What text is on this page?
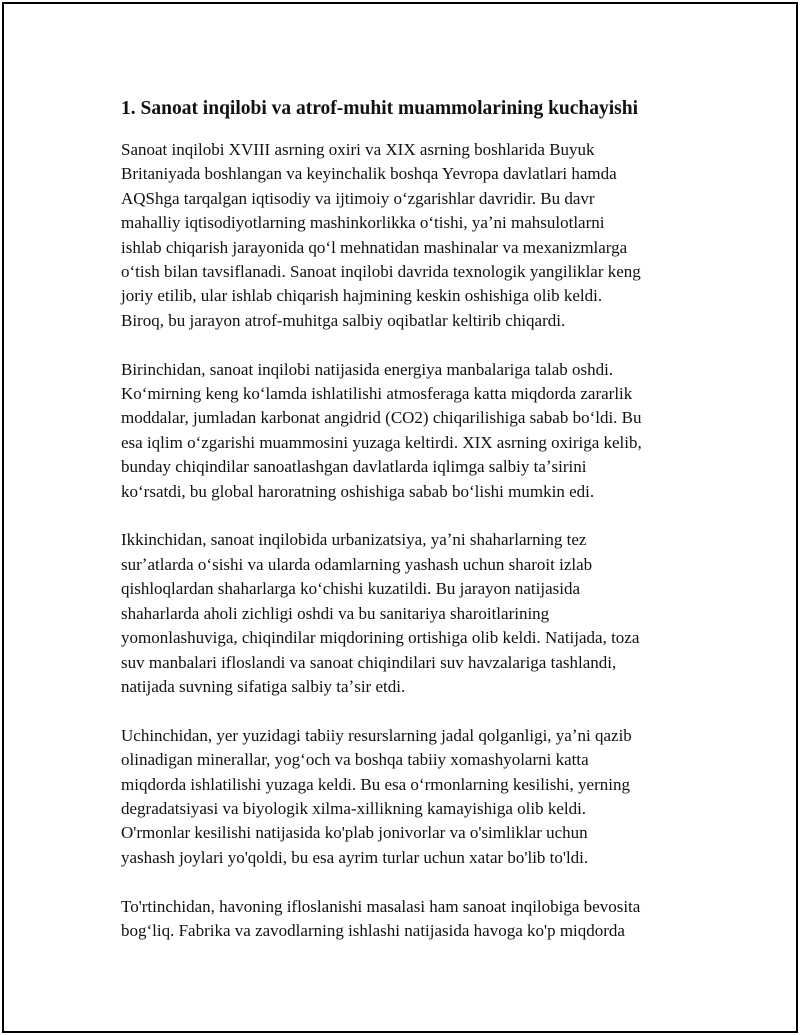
1. Sanoat inqilobi va atrof-muhit muammolarining kuchayishi

Sanoat inqilobi XVIII asrning oxiri va XIX asrning boshlarida Buyuk
Britaniyada boshlangan va keyinchalik boshqa Yevropa davlatlari hamda
AQShga tarqalgan iqtisodiy va ijtimoiy oʻzgarishlar davridir. Bu davr
mahalliy iqtisodiyotlarning mashinkorlikka oʻtishi, yaʼni mahsulotlarni
ishlab chiqarish jarayonida qoʻl mehnatidan mashinalar va mexanizmlarga
oʻtish bilan tavsiflanadi. Sanoat inqilobi davrida texnologik yangiliklar keng
joriy etilib, ular ishlab chiqarish hajmining keskin oshishiga olib keldi.
Biroq, bu jarayon atrof-muhitga salbiy oqibatlar keltirib chiqardi.

Birinchidan, sanoat inqilobi natijasida energiya manbalariga talab oshdi.
Koʻmirning keng koʻlamda ishlatilishi atmosferaga katta miqdorda zararlik
moddalar, jumladan karbonat angidrid (CO2) chiqarilishiga sabab boʻldi. Bu
esa iqlim oʻzgarishi muammosini yuzaga keltirdi. XIX asrning oxiriga kelib,
bunday chiqindilar sanoatlashgan davlatlarda iqlimga salbiy taʼsirini
koʻrsatdi, bu global haroratning oshishiga sabab boʻlishi mumkin edi.

Ikkinchidan, sanoat inqilobida urbanizatsiya, yaʼni shaharlarning tez
surʼatlarda oʻsishi va ularda odamlarning yashash uchun sharoit izlab
qishloqlardan shaharlarga koʻchishi kuzatildi. Bu jarayon natijasida
shaharlarda aholi zichligi oshdi va bu sanitariya sharoitlarining
yomonlashuviga, chiqindilar miqdorining ortishiga olib keldi. Natijada, toza
suv manbalari ifloslandi va sanoat chiqindilari suv havzalariga tashlandi,
natijada suvning sifatiga salbiy taʼsir etdi.

Uchinchidan, yer yuzidagi tabiiy resurslarning jadal qolganligi, yaʼni qazib
olinadigan minerallar, yogʻoch va boshqa tabiiy xomashyolarni katta
miqdorda ishlatilishi yuzaga keldi. Bu esa oʻrmonlarning kesilishi, yerning
degradatsiyasi va biyologik xilma-xillikning kamayishiga olib keldi.
O'rmonlar kesilishi natijasida ko'plab jonivorlar va o'simliklar uchun
yashash joylari yo'qoldi, bu esa ayrim turlar uchun xatar bo'lib to'ldi.

To'rtinchidan, havoning ifloslanishi masalasi ham sanoat inqilobiga bevosita
bogʻliq. Fabrika va zavodlarning ishlashi natijasida havoga ko'p miqdorda
